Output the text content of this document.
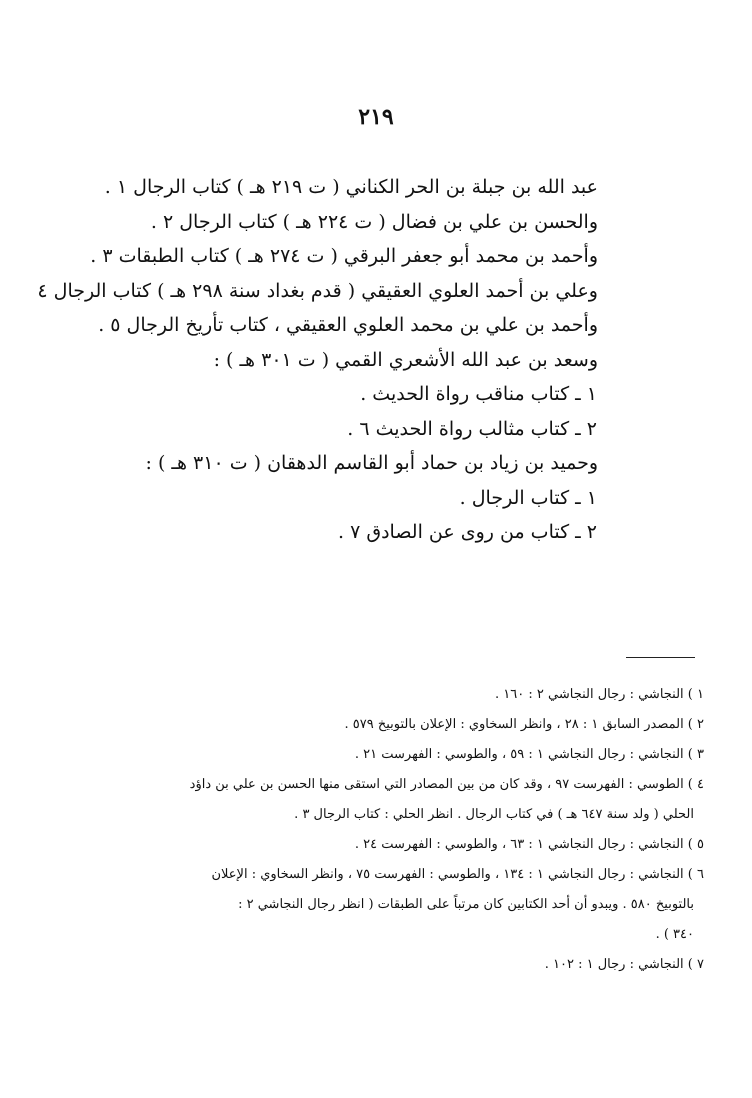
٢١٩
عبد الله بن جبلة بن الحر الكناني ( ت ٢١٩ هـ ) كتاب الرجال ١ .
والحسن بن علي بن فضال ( ت ٢٢٤ هـ ) كتاب الرجال ٢ .
وأحمد بن محمد أبو جعفر البرقي ( ت ٢٧٤ هـ ) كتاب الطبقات ٣ .
وعلي بن أحمد العلوي العقيقي ( قدم بغداد سنة ٢٩٨ هـ ) كتاب الرجال ٤
وأحمد بن علي بن محمد العلوي العقيقي ، كتاب تأريخ الرجال ٥ .
وسعد بن عبد الله الأشعري القمي ( ت ٣٠١ هـ ) :
١ ـ كتاب مناقب رواة الحديث .
٢ ـ كتاب مثالب رواة الحديث ٦ .
وحميد بن زياد بن حماد أبو القاسم الدهقان ( ت ٣١٠ هـ ) :
١ ـ كتاب الرجال .
٢ ـ كتاب من روى عن الصادق ٧ .
١ ) النجاشي : رجال النجاشي ٢ : ١٦٠ .
٢ ) المصدر السابق ١ : ٢٨ ، وانظر السخاوي : الإعلان بالتوبيخ ٥٧٩ .
٣ ) النجاشي : رجال النجاشي ١ : ٥٩ ، والطوسي : الفهرست ٢١ .
٤ ) الطوسي : الفهرست ٩٧ ، وقد كان من بين المصادر التي استقى منها الحسن بن علي بن داؤد
الحلي ( ولد سنة ٦٤٧ هـ ) في كتاب الرجال . انظر الحلي : كتاب الرجال ٣ .
٥ ) النجاشي : رجال النجاشي ١ : ٦٣ ، والطوسي : الفهرست ٢٤ .
٦ ) النجاشي : رجال النجاشي ١ : ١٣٤ ، والطوسي : الفهرست ٧٥ ، وانظر السخاوي : الإعلان
بالتوبيخ ٥٨٠ . ويبدو أن أحد الكتابين كان مرتباً على الطبقات ( انظر رجال النجاشي ٢ :
٣٤٠ ) .
٧ ) النجاشي : رجال ١ : ١٠٢ .
